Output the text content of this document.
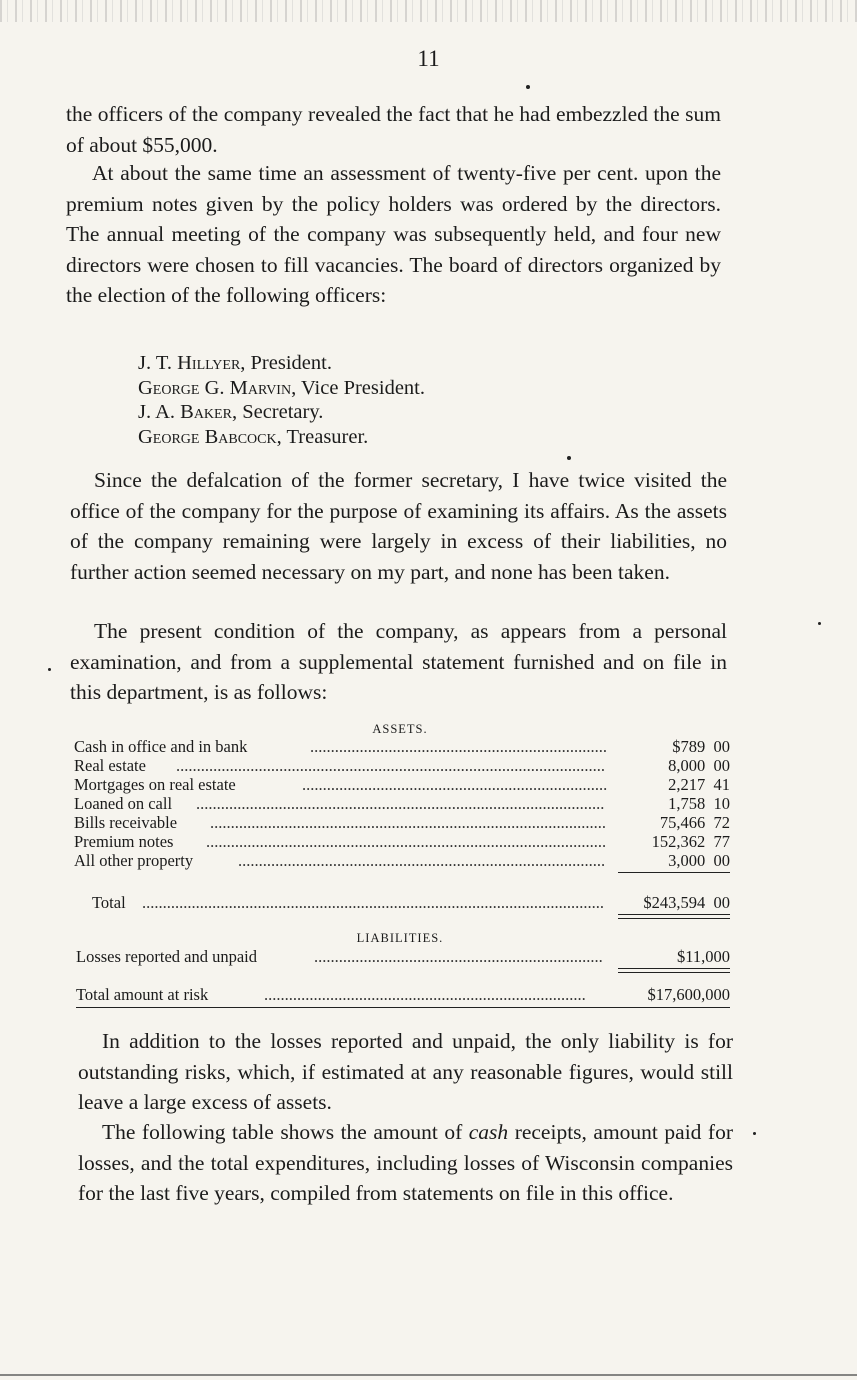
11

the officers of the company revealed the fact that he had embezzled the sum of about $55,000.

At about the same time an assessment of twenty-five per cent. upon the premium notes given by the policy holders was ordered by the directors. The annual meeting of the company was subsequently held, and four new directors were chosen to fill vacancies. The board of directors organized by the election of the following officers:

J. T. Hillyer, President.
George G. Marvin, Vice President.
J. A. Baker, Secretary.
George Babcock, Treasurer.

Since the defalcation of the former secretary, I have twice visited the office of the company for the purpose of examining its affairs. As the assets of the company remaining were largely in excess of their liabilities, no further action seemed necessary on my part, and none has been taken.

The present condition of the company, as appears from a personal examination, and from a supplemental statement furnished and on file in this department, is as follows:

ASSETS.
Cash in office and in bank	........................................................................	$789 00
Real estate ........................................................................................................	8,000 00
Mortgages on real estate	..........................................................................	2,217 41
Loaned on call ...................................................................................................	1,758 10
Bills receivable ................................................................................................	75,466 72
Premium notes .................................................................................................	152,362 77
All other property	.........................................................................................	3,000 00
Total ................................................................................................................	$243,594 00
LIABILITIES.
Losses reported and unpaid	......................................................................	$11,000
Total amount at risk	..............................................................................	$17,600,000

In addition to the losses reported and unpaid, the only liability is for outstanding risks, which, if estimated at any reasonable figures, would still leave a large excess of assets.

The following table shows the amount of cash receipts, amount paid for losses, and the total expenditures, including losses of Wisconsin companies for the last five years, compiled from statements on file in this office.
